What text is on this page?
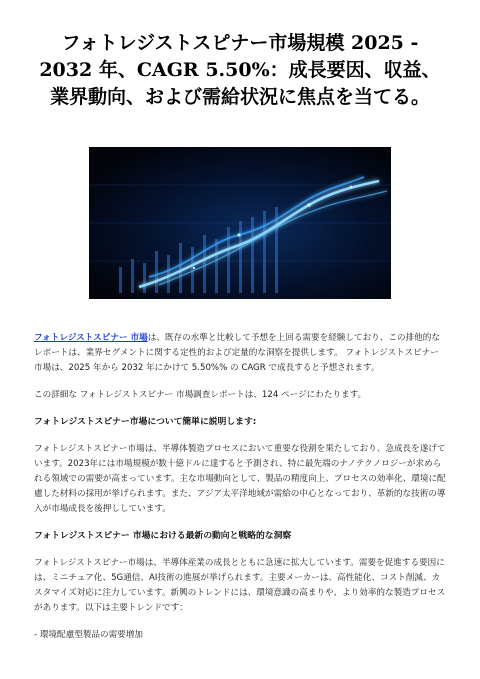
フォトレジストスピナー市場規模 2025 - 2032 年、CAGR 5.50%：成長要因、収益、業界動向、および需給状況に焦点を当てる。

フォトレジストスピナー 市場は、既存の水準と比較して予想を上回る需要を経験しており、この排他的なレポートは、業界セグメントに関する定性的および定量的な洞察を提供します。 フォトレジストスピナー 市場は、2025 年から 2032 年にかけて 5.50%% の CAGR で成長すると予想されます。

この詳細な フォトレジストスピナー 市場調査レポートは、124 ページにわたります。

フォトレジストスピナー市場について簡単に説明します:

フォトレジストスピナー市場は、半導体製造プロセスにおいて重要な役割を果たしており、急成長を遂げています。2023年には市場規模が数十億ドルに達すると予測され、特に最先端のナノテクノロジーが求められる領域での需要が高まっています。主な市場動向として、製品の精度向上、プロセスの効率化、環境に配慮した材料の採用が挙げられます。また、アジア太平洋地域が需給の中心となっており、革新的な技術の導入が市場成長を後押ししています。

フォトレジストスピナー 市場における最新の動向と戦略的な洞察

フォトレジストスピナー市場は、半導体産業の成長とともに急速に拡大しています。需要を促進する要因には、ミニチュア化、5G通信、AI技術の進展が挙げられます。主要メーカーは、高性能化、コスト削減、カスタマイズ対応に注力しています。新興のトレンドには、環境意識の高まりや、より効率的な製造プロセスがあります。以下は主要トレンドです：

- 環境配慮型製品の需要増加
